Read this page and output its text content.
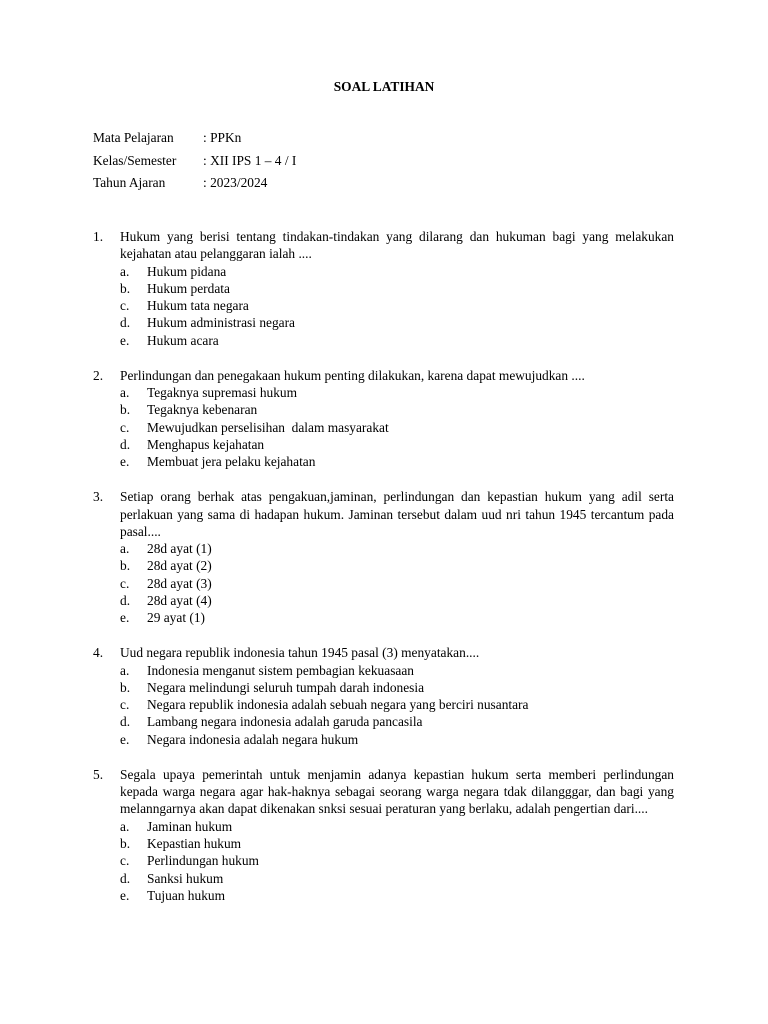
SOAL LATIHAN
Mata Pelajaran	: PPKn
Kelas/Semester	: XII IPS 1 – 4 / I
Tahun Ajaran	: 2023/2024
1.	Hukum yang berisi tentang tindakan-tindakan yang dilarang dan hukuman bagi yang melakukan kejahatan atau pelanggaran ialah ....
a.	Hukum pidana
b.	Hukum perdata
c.	Hukum tata negara
d.	Hukum administrasi negara
e.	Hukum acara
2.	Perlindungan dan penegakaan hukum penting dilakukan, karena dapat mewujudkan ....
a.	Tegaknya supremasi hukum
b.	Tegaknya kebenaran
c.	Mewujudkan perselisihan  dalam masyarakat
d.	Menghapus kejahatan
e.	Membuat jera pelaku kejahatan
3.	Setiap orang berhak atas pengakuan,jaminan, perlindungan dan kepastian hukum yang adil serta perlakuan yang sama di hadapan hukum. Jaminan tersebut dalam uud nri tahun 1945 tercantum pada pasal....
a.	28d ayat (1)
b.	28d ayat (2)
c.	28d ayat (3)
d.	28d ayat (4)
e.	29 ayat (1)
4.	Uud negara republik indonesia tahun 1945 pasal (3) menyatakan....
a.	Indonesia menganut sistem pembagian kekuasaan
b.	Negara melindungi seluruh tumpah darah indonesia
c.	Negara republik indonesia adalah sebuah negara yang berciri nusantara
d.	Lambang negara indonesia adalah garuda pancasila
e.	Negara indonesia adalah negara hukum
5.	Segala upaya pemerintah untuk menjamin adanya kepastian hukum serta memberi perlindungan kepada warga negara agar hak-haknya sebagai seorang warga negara tdak dilangggar, dan bagi yang melanngarnya akan dapat dikenakan snksi sesuai peraturan yang berlaku, adalah pengertian dari....
a.	Jaminan hukum
b.	Kepastian hukum
c.	Perlindungan hukum
d.	Sanksi hukum
e.	Tujuan hukum
